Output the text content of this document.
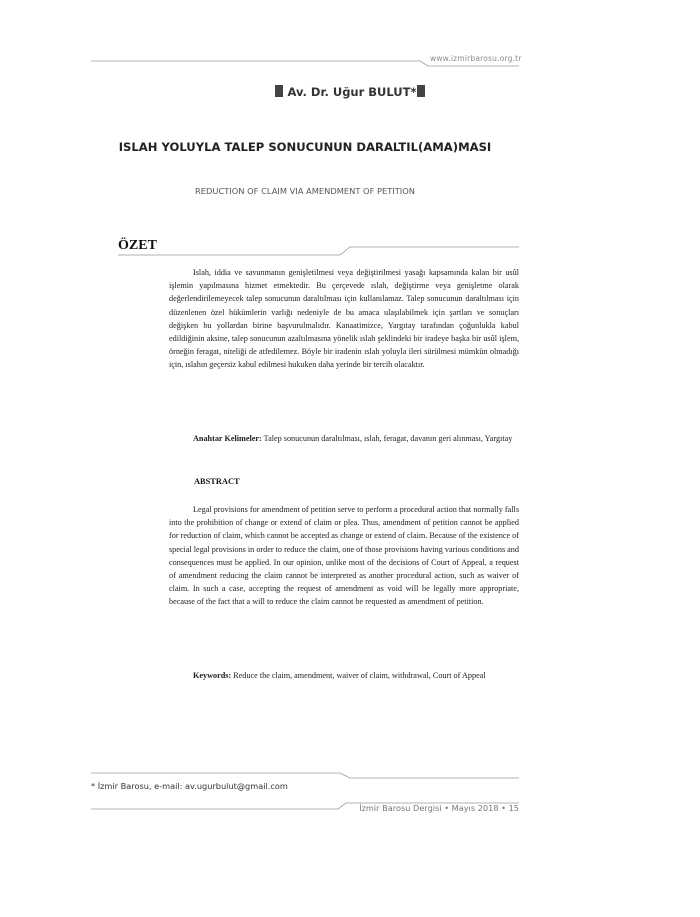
www.izmirbarosu.org.tr
Av. Dr. Uğur BULUT*
ISLAH YOLUYLA TALEP SONUCUNUN DARALTIL(AMA)MASI
REDUCTION OF CLAIM VIA AMENDMENT OF PETITION
ÖZET
Islah, iddia ve savunmanın genişletilmesi veya değiştirilmesi yasağı kapsamında kalan bir usûl işlemin yapılmasına hizmet etmektedir. Bu çerçevede ıslah, değiştirme veya genişletme olarak değerlendirilemeyecek talep sonucunun daraltılması için kullanılamaz. Talep sonucunun daraltılması için düzenlenen özel hükümlerin varlığı nedeniyle de bu amaca ulaşılabilmek için şartları ve sonuçları değişken bu yollardan birine başvurulmalıdır. Kanaatimizce, Yargıtay tarafından çoğunlukla kabul edildiğinin aksine, talep sonucunun azaltılmasına yönelik ıslah şeklindeki bir iradeye başka bir usûl işlem, örneğin feragat, niteliği de atfedilemez. Böyle bir iradenin ıslah yoluyla ileri sürülmesi mümkün olmadığı için, ıslahın geçersiz kabul edilmesi hukuken daha yerinde bir tercih olacaktır.
Anahtar Kelimeler: Talep sonucunun daraltılması, ıslah, feragat, davanın geri alınması, Yargıtay
ABSTRACT
Legal provisions for amendment of petition serve to perform a procedural action that normally falls into the prohibition of change or extend of claim or plea. Thus, amendment of petition cannot be applied for reduction of claim, which cannot be accepted as change or extend of claim. Because of the existence of special legal provisions in order to reduce the claim, one of those provisions having various conditions and consequences must be applied. In our opinion, unlike most of the decisions of Court of Appeal, a request of amendment reducing the claim cannot be interpreted as another procedural action, such as waiver of claim. In such a case, accepting the request of amendment as void will be legally more appropriate, because of the fact that a will to reduce the claim cannot be requested as amendment of petition.
Keywords: Reduce the claim, amendment, waiver of claim, withdrawal, Court of Appeal
* İzmir Barosu, e-mail: av.ugurbulut@gmail.com
İzmir Barosu Dergisi • Mayıs 2018 • 15
